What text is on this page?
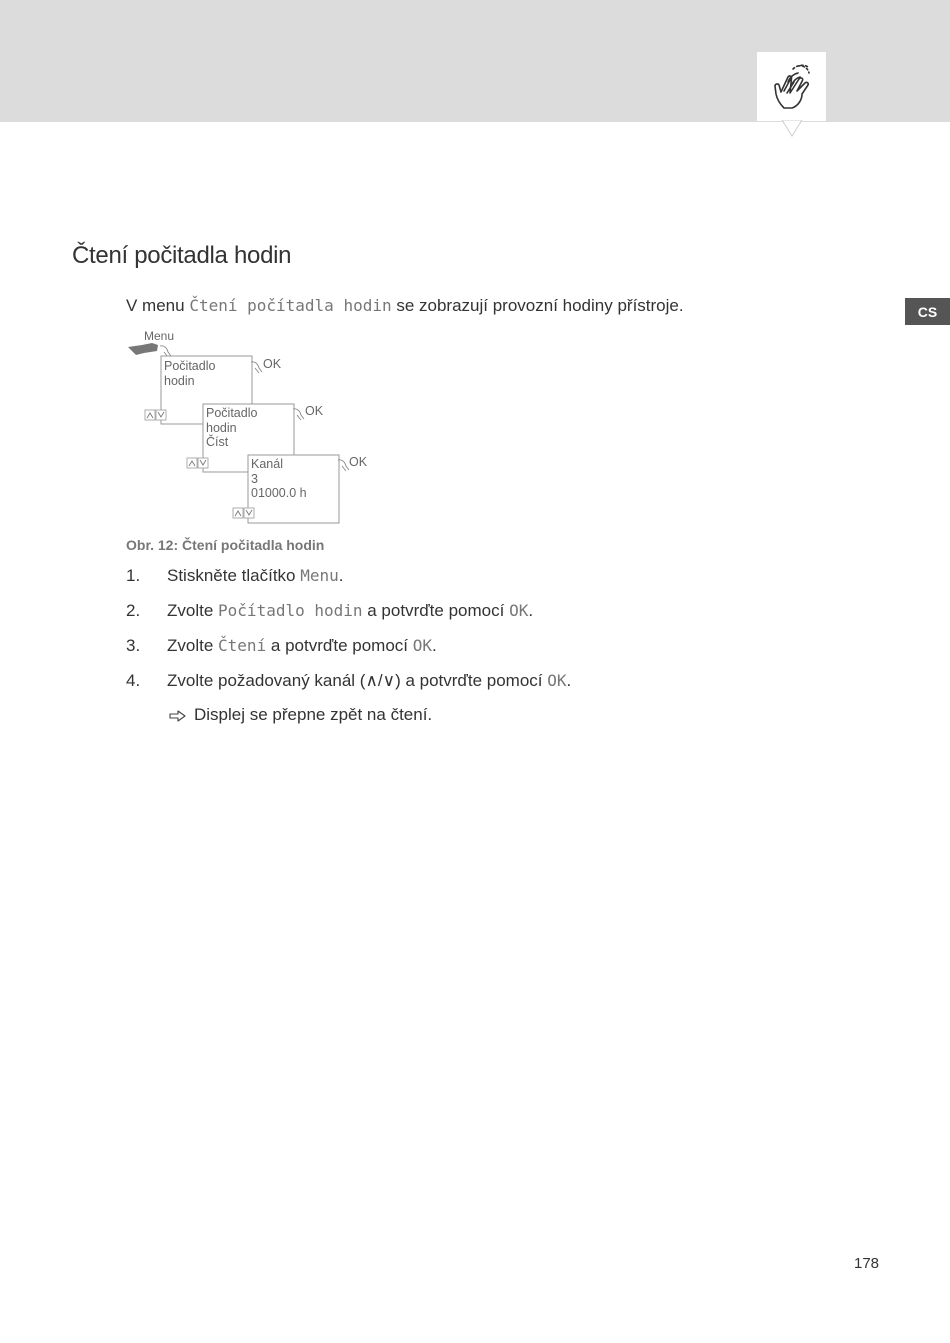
CS
Čtení počitadla hodin
V menu Čtení počítadla hodin se zobrazují provozní hodiny přístroje.
Menu
Počitadlo
hodin
OK
Počitadlo
hodin
Číst
OK
Kanál
3
01000.0 h
OK
Obr. 12: Čtení počitadla hodin
1.	Stiskněte tlačítko Menu.
2.	Zvolte Počítadlo hodin a potvrďte pomocí OK.
3.	Zvolte Čtení a potvrďte pomocí OK.
4.	Zvolte požadovaný kanál (∧/∨) a potvrďte pomocí OK.
Displej se přepne zpět na čtení.
178
